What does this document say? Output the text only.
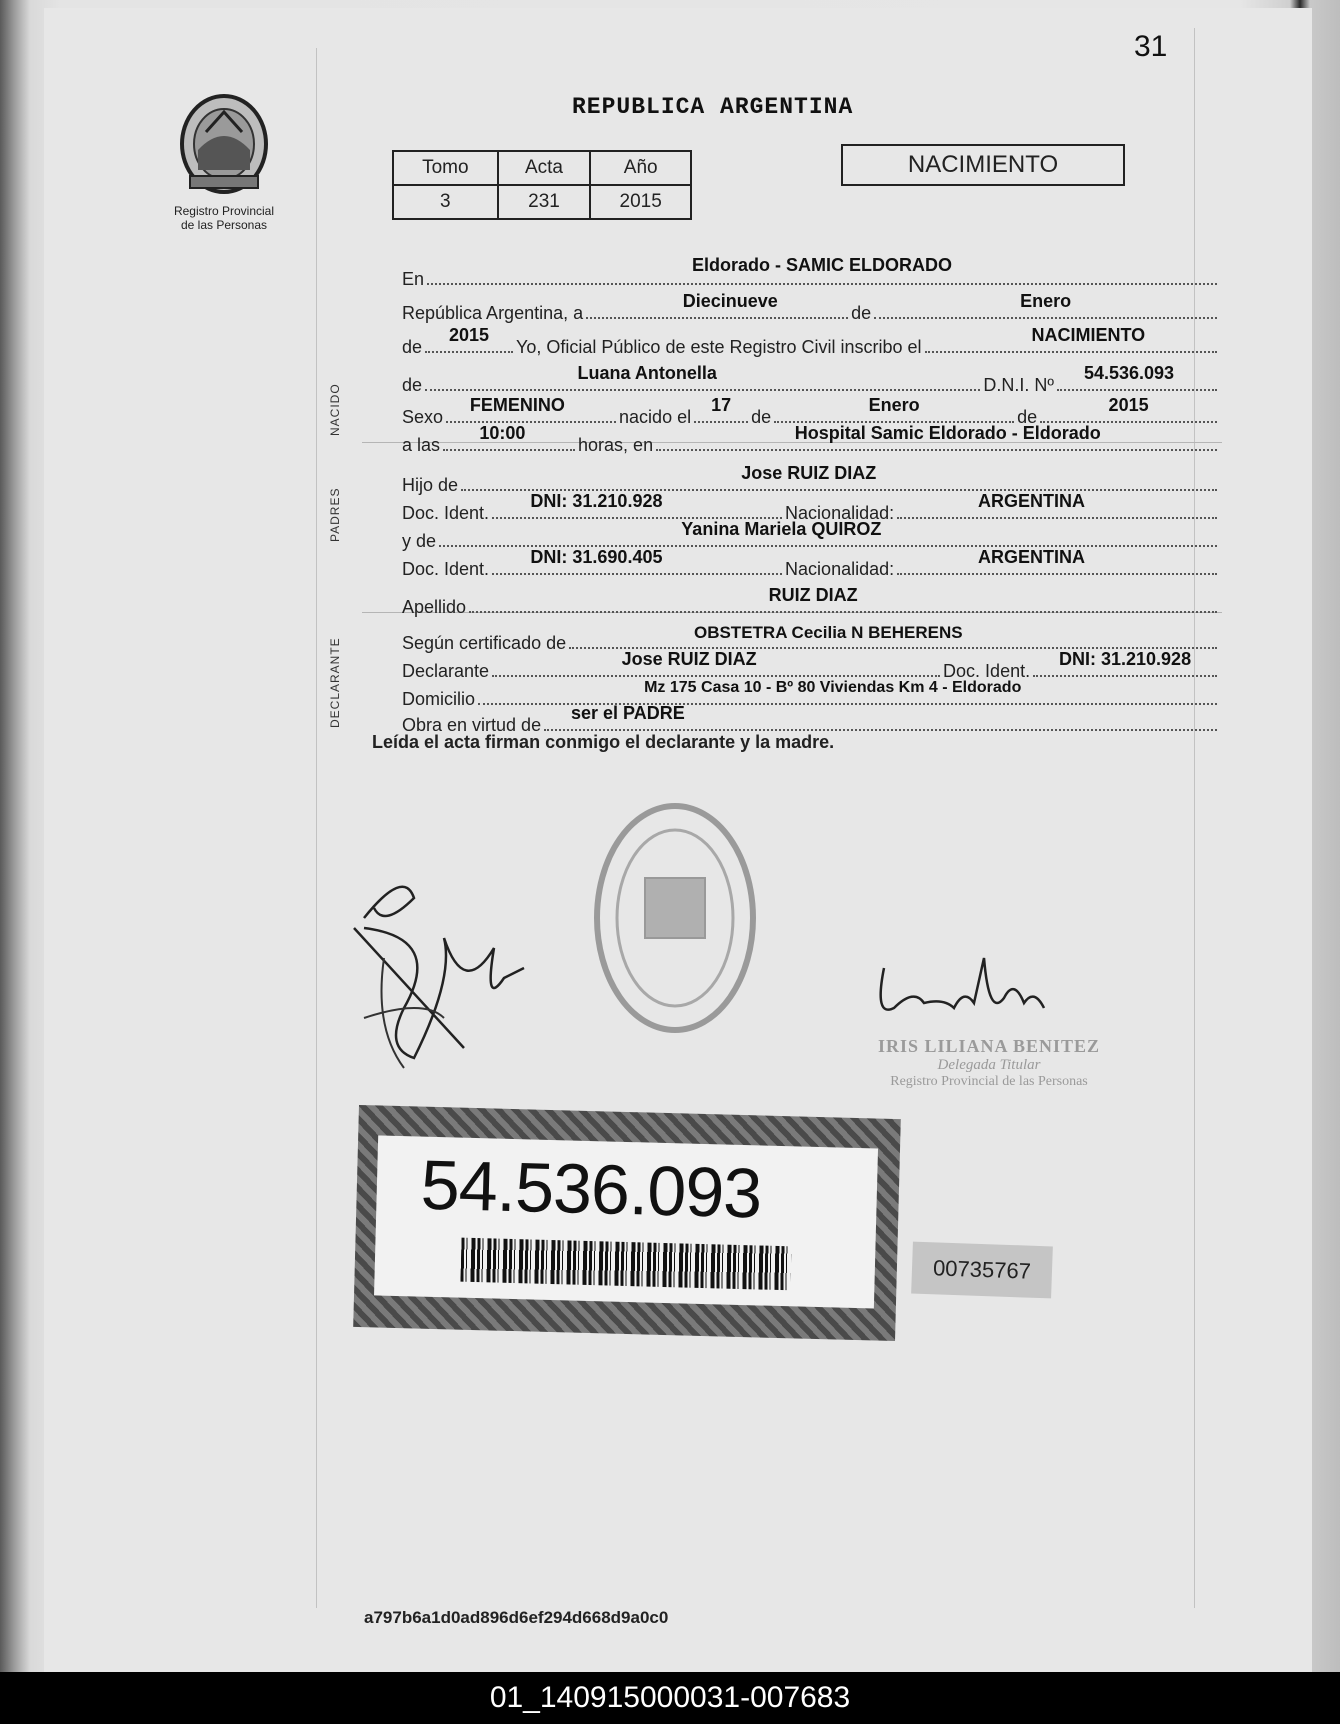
31
Registro Provincial
de las Personas
REPUBLICA ARGENTINA
Tomo	Acta	Año
3	231	2015
NACIMIENTO
NACIDO
PADRES
DECLARANTE
En
Eldorado - SAMIC ELDORADO
República Argentina, a
Diecinueve
de
Enero
de
2015
Yo, Oficial Público de este Registro Civil inscribo el
NACIMIENTO
de
Luana Antonella
D.N.I. Nº
54.536.093
Sexo
FEMENINO
nacido el
17
de
Enero
de
2015
a las
10:00
horas, en
Hospital Samic Eldorado - Eldorado
Hijo de
Jose RUIZ DIAZ
Doc. Ident.
DNI: 31.210.928
Nacionalidad:
ARGENTINA
y de
Yanina Mariela QUIROZ
Doc. Ident.
DNI: 31.690.405
Nacionalidad:
ARGENTINA
Apellido
RUIZ DIAZ
Según certificado de
OBSTETRA Cecilia N BEHERENS
Declarante
Jose RUIZ DIAZ
Doc. Ident.
DNI: 31.210.928
Domicilio
Mz 175 Casa 10 - Bº 80 Viviendas Km 4 - Eldorado
Obra en virtud de
ser el PADRE
Leída el acta firman conmigo el declarante y la madre.
IRIS LILIANA BENITEZ
Delegada Titular
Registro Provincial de las Personas
54.536.093
00735767
a797b6a1d0ad896d6ef294d668d9a0c0
01_140915000031-007683
